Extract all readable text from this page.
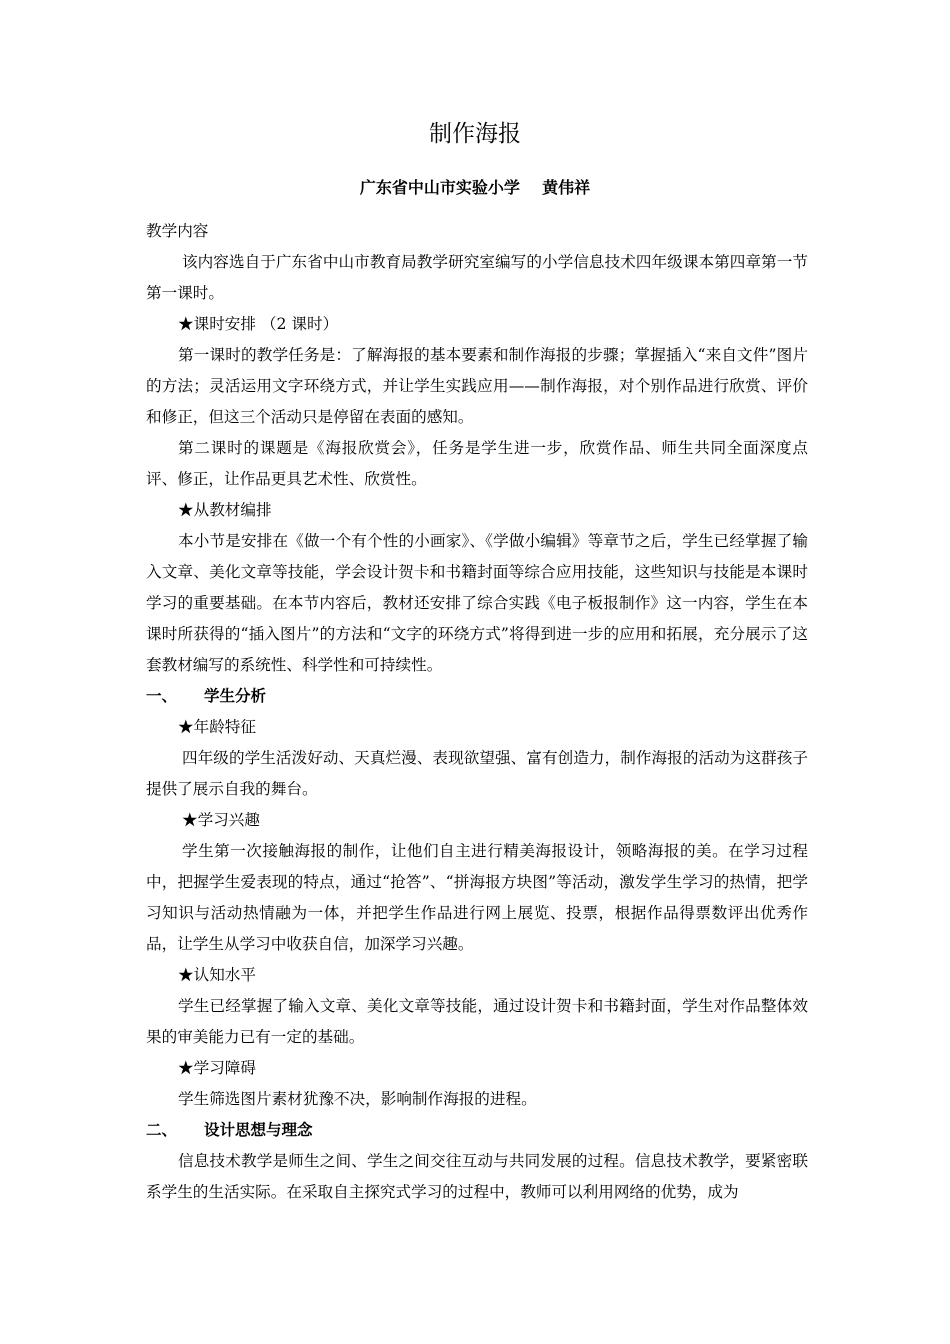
制作海报
广东省中山市实验小学    黄伟祥

教学内容

该内容选自于广东省中山市教育局教学研究室编写的小学信息技术四年级课本第四章第一节第一课时。

★课时安排 （2 课时）

第一课时的教学任务是：了解海报的基本要素和制作海报的步骤；掌握插入“来自文件”图片的方法；灵活运用文字环绕方式，并让学生实践应用——制作海报，对个别作品进行欣赏、评价和修正，但这三个活动只是停留在表面的感知。

第二课时的课题是《海报欣赏会》，任务是学生进一步，欣赏作品、师生共同全面深度点评、修正，让作品更具艺术性、欣赏性。

★从教材编排

本小节是安排在《做一个有个性的小画家》、《学做小编辑》等章节之后，学生已经掌握了输入文章、美化文章等技能，学会设计贺卡和书籍封面等综合应用技能，这些知识与技能是本课时学习的重要基础。在本节内容后，教材还安排了综合实践《电子板报制作》这一内容，学生在本课时所获得的“插入图片”的方法和“文字的环绕方式”将得到进一步的应用和拓展，充分展示了这套教材编写的系统性、科学性和可持续性。

一、	学生分析

★年龄特征

四年级的学生活泼好动、天真烂漫、表现欲望强、富有创造力，制作海报的活动为这群孩子提供了展示自我的舞台。

★学习兴趣

学生第一次接触海报的制作，让他们自主进行精美海报设计，领略海报的美。在学习过程中，把握学生爱表现的特点，通过“抢答”、“拼海报方块图”等活动，激发学生学习的热情，把学习知识与活动热情融为一体，并把学生作品进行网上展览、投票，根据作品得票数评出优秀作品，让学生从学习中收获自信，加深学习兴趣。

★认知水平

学生已经掌握了输入文章、美化文章等技能，通过设计贺卡和书籍封面，学生对作品整体效果的审美能力已有一定的基础。

★学习障碍

学生筛选图片素材犹豫不决，影响制作海报的进程。

二、	设计思想与理念

信息技术教学是师生之间、学生之间交往互动与共同发展的过程。信息技术教学，要紧密联系学生的生活实际。在采取自主探究式学习的过程中，教师可以利用网络的优势，成为
